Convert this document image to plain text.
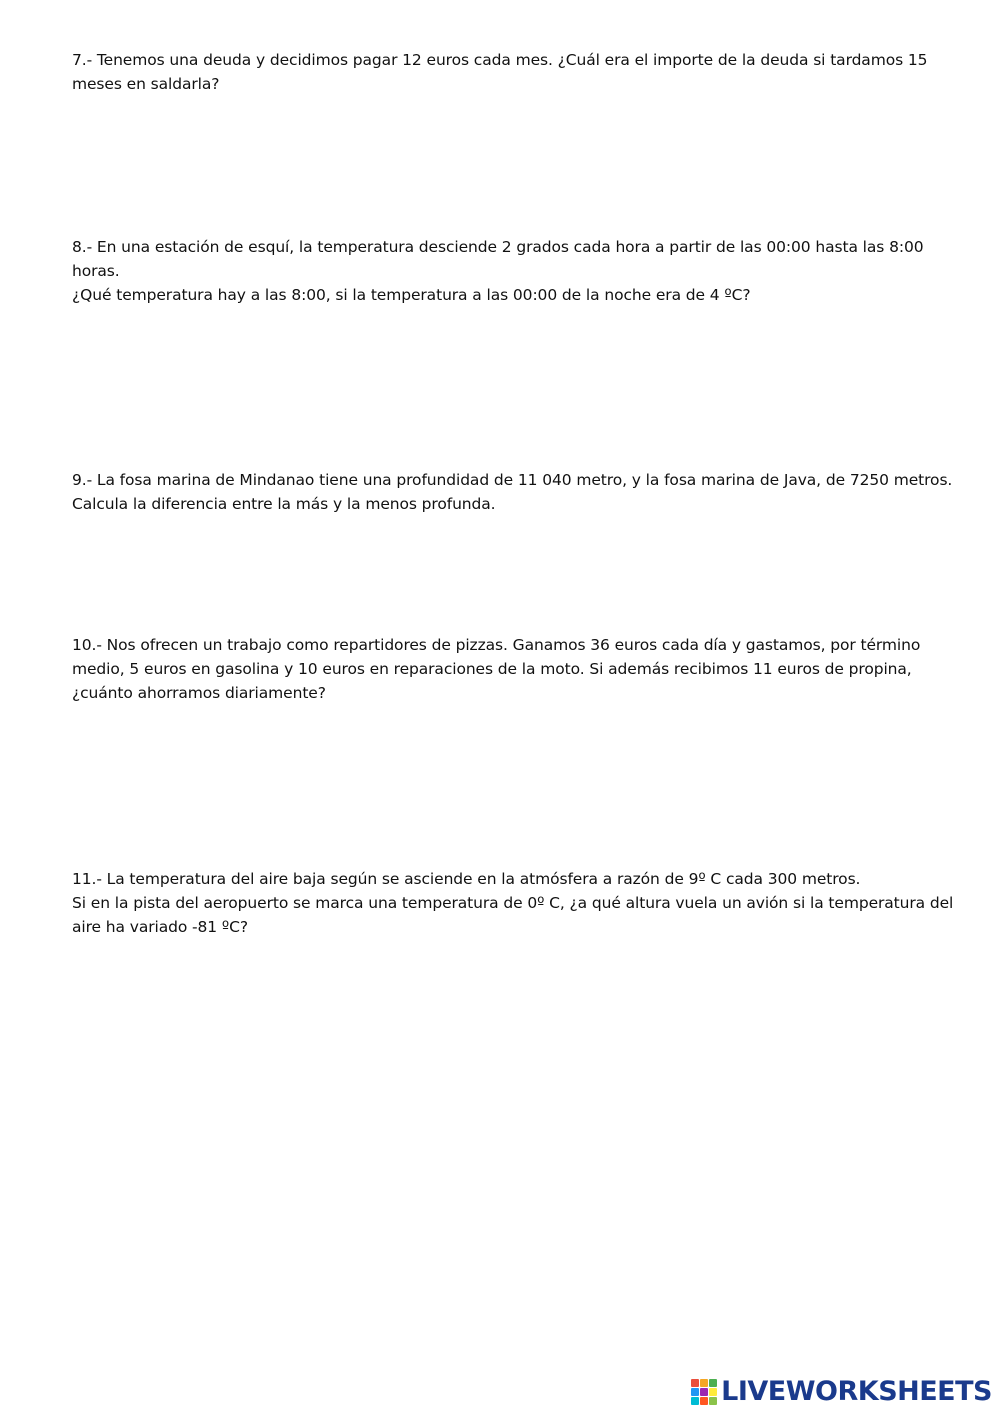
7.- Tenemos una deuda y decidimos pagar 12 euros cada mes. ¿Cuál era el importe de la deuda si tardamos 15 meses en saldarla?

8.- En una estación de esquí, la temperatura desciende 2 grados cada hora a partir de las 00:00 hasta las 8:00 horas.

¿Qué temperatura hay a las 8:00, si la temperatura a las 00:00 de la noche era de 4 ºC?

9.- La fosa marina de Mindanao tiene una profundidad de 11 040 metro, y la fosa marina de Java, de 7250 metros. Calcula la diferencia entre la más y la menos profunda.

10.- Nos ofrecen un trabajo como repartidores de pizzas. Ganamos 36 euros cada día y gastamos, por término medio, 5 euros en gasolina y 10 euros en reparaciones de la moto. Si además recibimos 11 euros de propina, ¿cuánto ahorramos diariamente?

11.- La temperatura del aire baja según se asciende en la atmósfera a razón de 9º C cada 300 metros.

Si en la pista del aeropuerto se marca una temperatura de 0º C, ¿a qué altura vuela un avión si la temperatura del aire ha variado -81 ºC?

LIVEWORKSHEETS
